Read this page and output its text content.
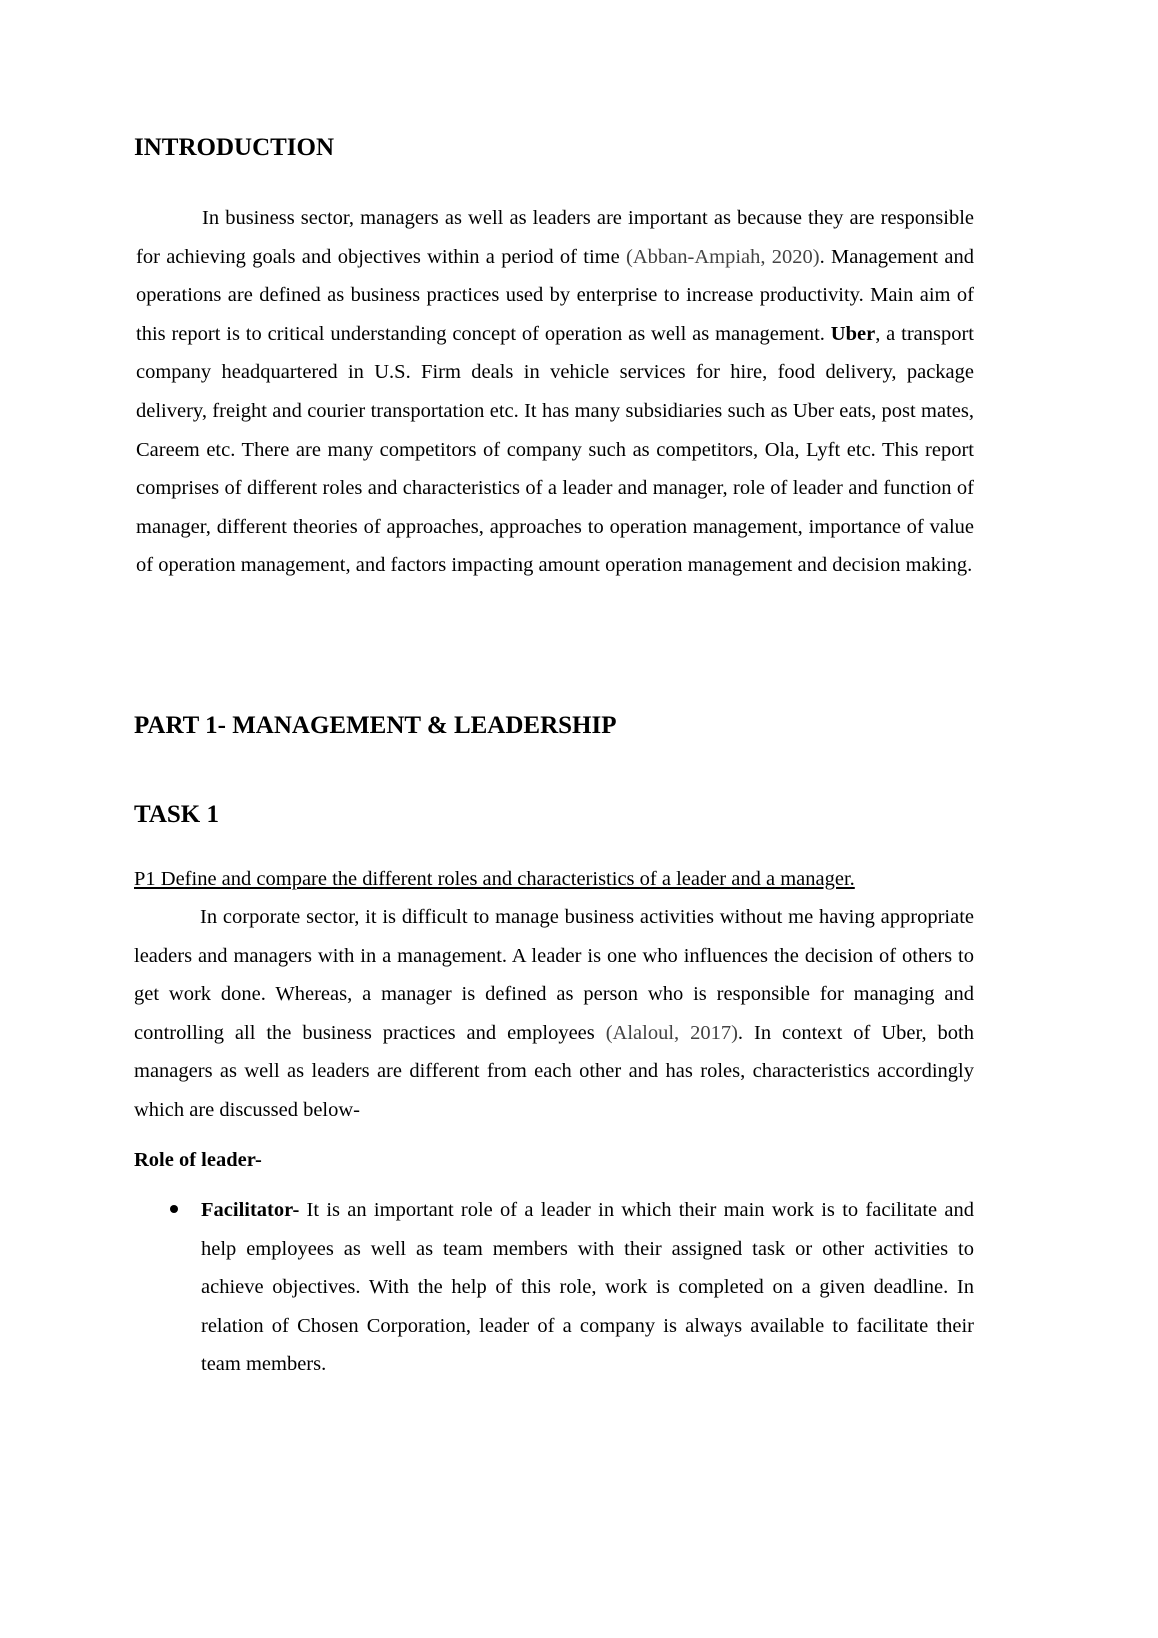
INTRODUCTION

In business sector, managers as well as leaders are important as because they are responsible for achieving goals and objectives within a period of time (Abban-Ampiah, 2020). Management and operations are defined as business practices used by enterprise to increase productivity. Main aim of this report is to critical understanding concept of operation as well as management. Uber, a transport company headquartered in U.S. Firm deals in vehicle services for hire, food delivery, package delivery, freight and courier transportation etc. It has many subsidiaries such as Uber eats, post mates, Careem etc. There are many competitors of company such as competitors, Ola, Lyft etc. This report comprises of different roles and characteristics of a leader and manager, role of leader and function of manager, different theories of approaches, approaches to operation management, importance of value of operation management, and factors impacting amount operation management and decision making.

PART 1- MANAGEMENT & LEADERSHIP
TASK 1

P1 Define and compare the different roles and characteristics of a leader and a manager.

In corporate sector, it is difficult to manage business activities without me having appropriate leaders and managers with in a management. A leader is one who influences the decision of others to get work done. Whereas, a manager is defined as person who is responsible for managing and controlling all the business practices and employees (Alaloul, 2017). In context of Uber, both managers as well as leaders are different from each other and has roles, characteristics accordingly which are discussed below-

Role of leader-

Facilitator- It is an important role of a leader in which their main work is to facilitate and help employees as well as team members with their assigned task or other activities to achieve objectives. With the help of this role, work is completed on a given deadline. In relation of Chosen Corporation, leader of a company is always available to facilitate their team members.
